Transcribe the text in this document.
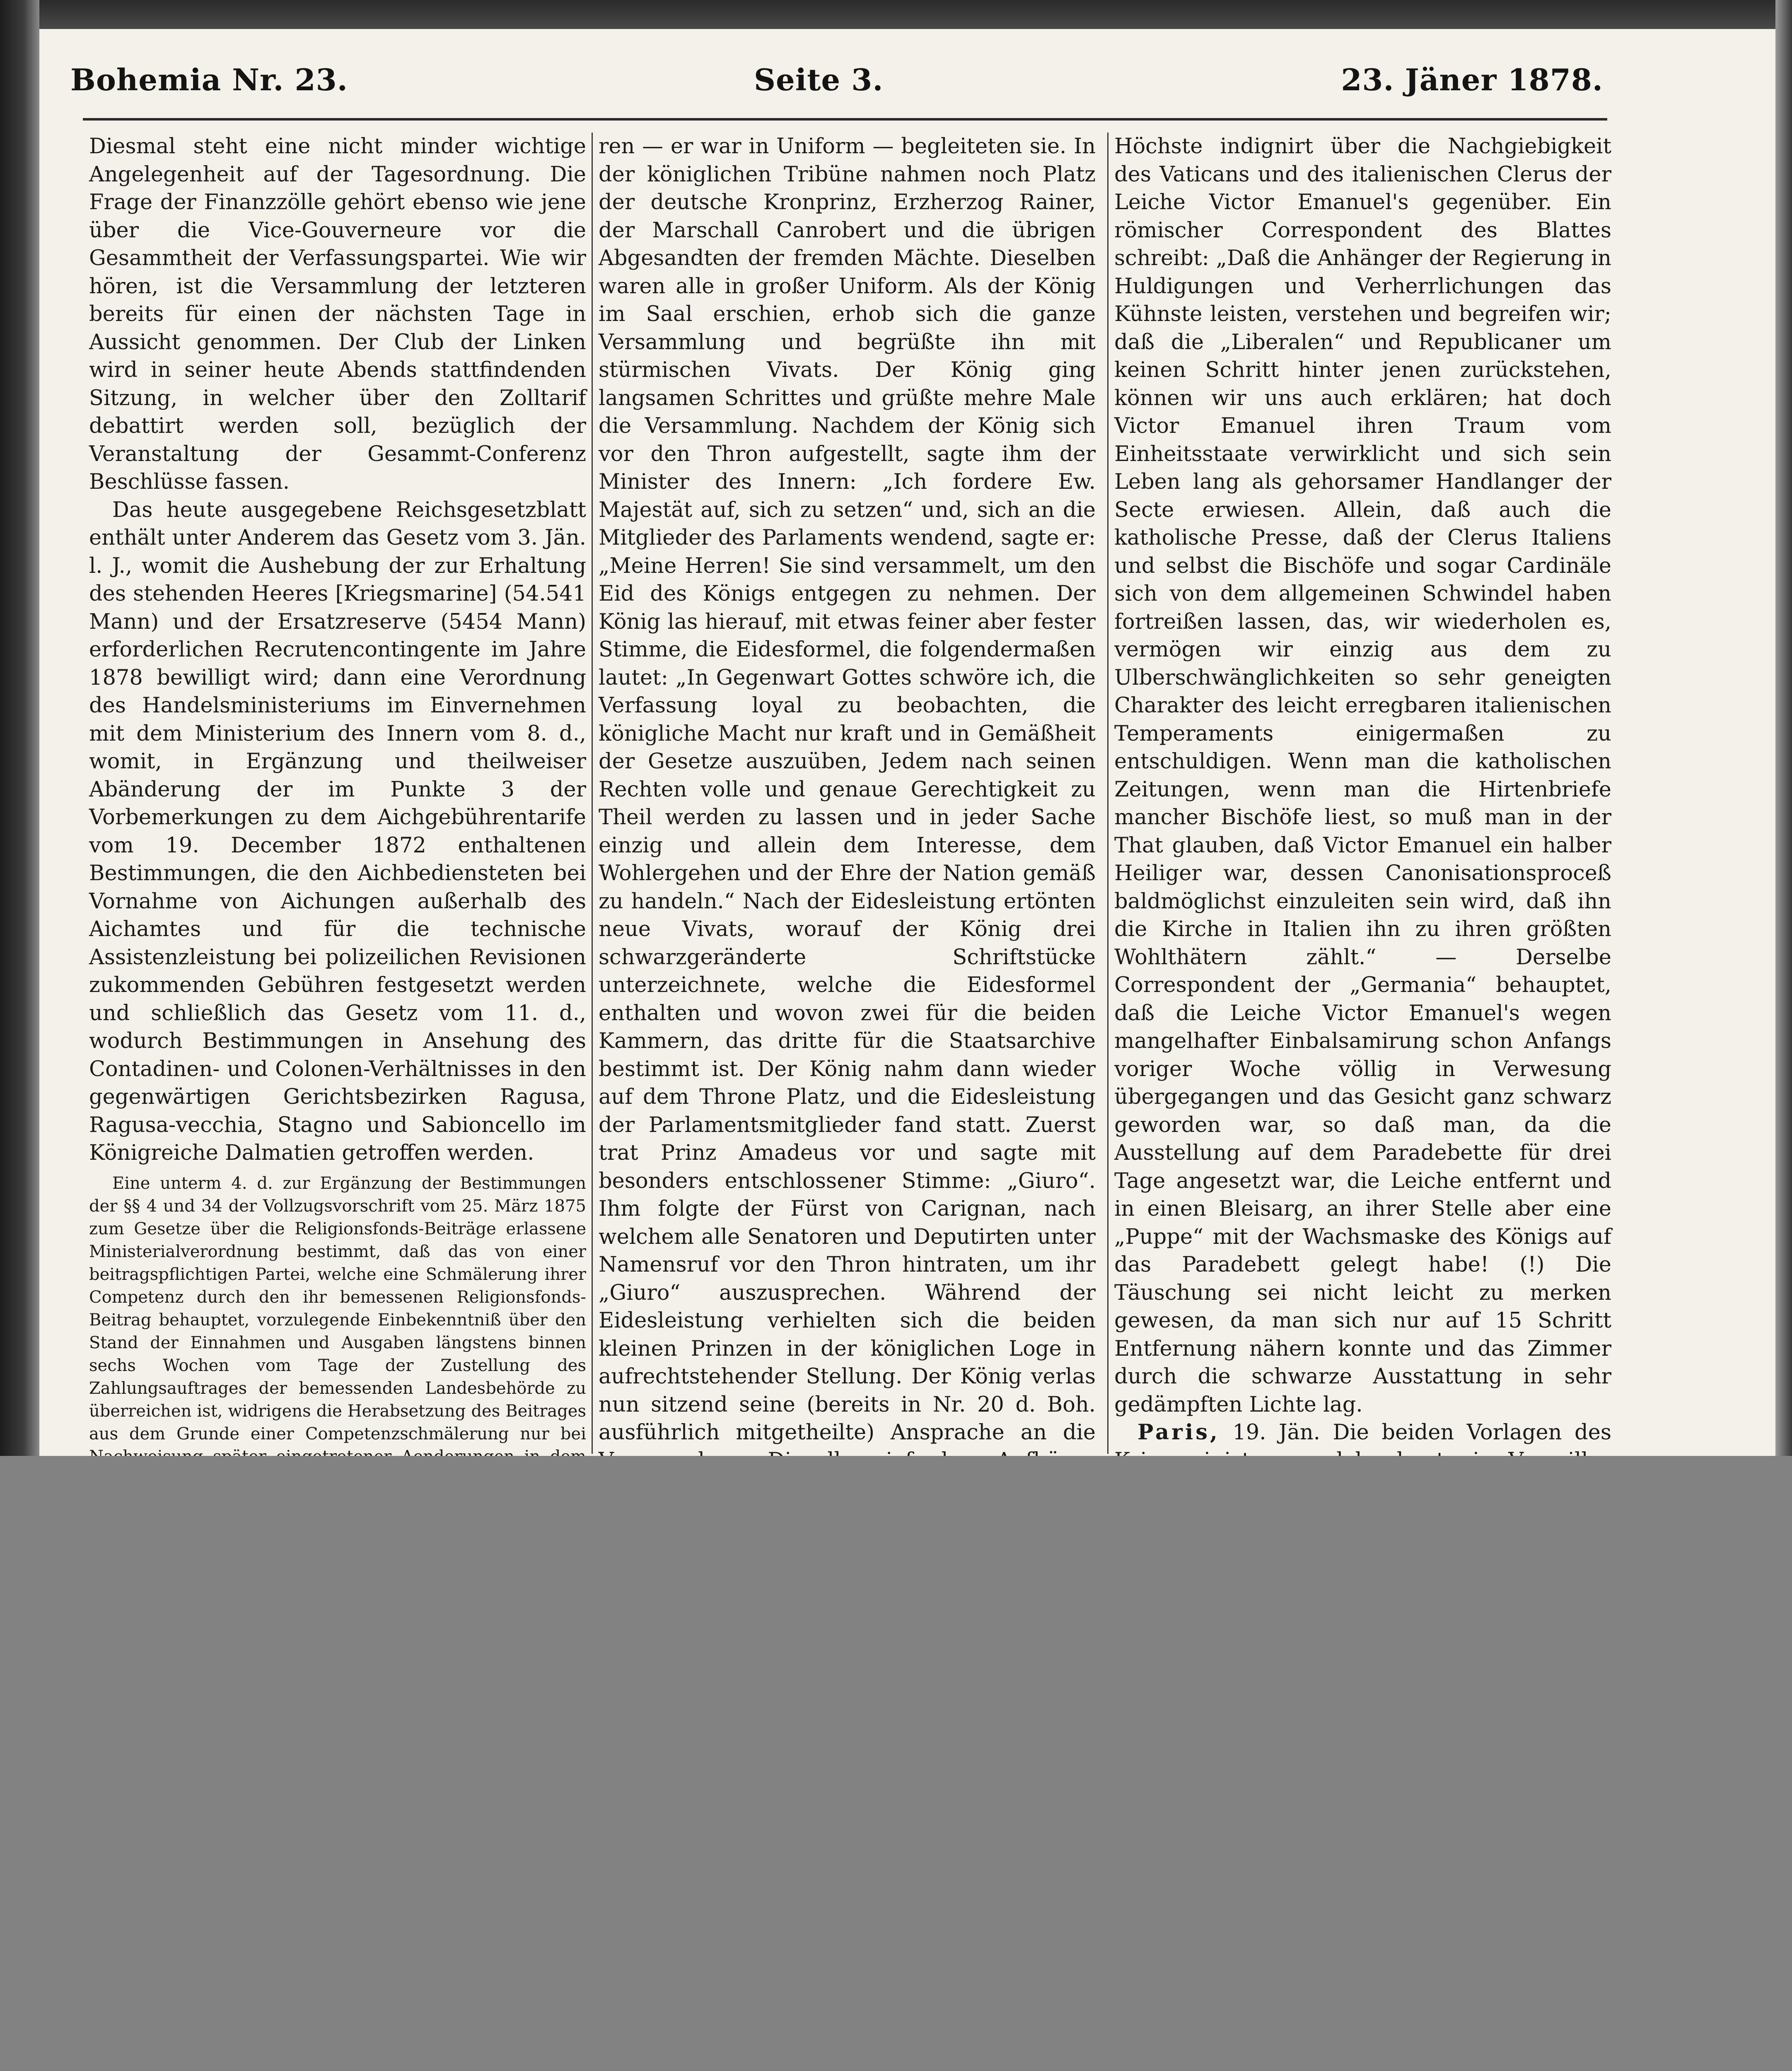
Bohemia Nr. 23.	Seite 3.	23. Jäner 1878.

Diesmal steht eine nicht minder wichtige Angelegenheit auf der Tagesordnung. Die Frage der Finanzzölle gehört ebenso wie jene über die Vice-Gouverneure vor die Gesammtheit der Verfassungspartei. Wie wir hören, ist die Versammlung der letzteren bereits für einen der nächsten Tage in Aussicht genommen. Der Club der Linken wird in seiner heute Abends stattfindenden Sitzung, in welcher über den Zolltarif debattirt werden soll, bezüglich der Veranstaltung der Gesammt-Conferenz Beschlüsse fassen.

Das heute ausgegebene Reichsgesetzblatt enthält unter Anderem das Gesetz vom 3. Jän. l. J., womit die Aushebung der zur Erhaltung des stehenden Heeres [Kriegsmarine] (54.541 Mann) und der Ersatzreserve (5454 Mann) erforderlichen Recrutencontingente im Jahre 1878 bewilligt wird; dann eine Verordnung des Handelsministeriums im Einvernehmen mit dem Ministerium des Innern vom 8. d., womit, in Ergänzung und theilweiser Abänderung der im Punkte 3 der Vorbemerkungen zu dem Aichgebührentarife vom 19. December 1872 enthaltenen Bestimmungen, die den Aichbediensteten bei Vornahme von Aichungen außerhalb des Aichamtes und für die technische Assistenzleistung bei polizeilichen Revisionen zukommenden Gebühren festgesetzt werden und schließlich das Gesetz vom 11. d., wodurch Bestimmungen in Ansehung des Contadinen- und Colonen-Verhältnisses in den gegenwärtigen Gerichtsbezirken Ragusa, Ragusa-vecchia, Stagno und Sabioncello im Königreiche Dalmatien getroffen werden.

Eine unterm 4. d. zur Ergänzung der Bestimmungen der §§ 4 und 34 der Vollzugsvorschrift vom 25. März 1875 zum Gesetze über die Religionsfonds-Beiträge erlassene Ministerialverordnung bestimmt, daß das von einer beitragspflichtigen Partei, welche eine Schmälerung ihrer Competenz durch den ihr bemessenen Religionsfonds-Beitrag behauptet, vorzulegende Einbekenntniß über den Stand der Einnahmen und Ausgaben längstens binnen sechs Wochen vom Tage der Zustellung des Zahlungsauftrages der bemessenden Landesbehörde zu überreichen ist, widrigens die Herabsetzung des Beitrages aus dem Grunde einer Competenzschmälerung nur bei

ren — er war in Uniform — begleiteten sie. In der königlichen Tribüne nahmen noch Platz der deutsche Kronprinz, Erzherzog Rainer, der Marschall Canrobert und die übrigen Abgesandten der fremden Mächte. Dieselben waren alle in großer Uniform. Als der König im Saal erschien, erhob sich die ganze Versammlung und begrüßte ihn mit stürmischen Vivats. Der König ging langsamen Schrittes und grüßte mehre Male die Versammlung. Nachdem der König sich vor den Thron aufgestellt, sagte ihm der Minister des Innern: „Ich fordere Ew. Majestät auf, sich zu setzen“ und, sich an die Mitglieder des Parlaments wendend, sagte er: „Meine Herren! Sie sind versammelt, um den Eid des Königs entgegen zu nehmen. Der König las hierauf, mit etwas feiner aber fester Stimme, die Eidesformel, die folgendermaßen lautet: „In Gegenwart Gottes schwöre ich, die Verfassung loyal zu beobachten, die königliche Macht nur kraft und in Gemäßheit der Gesetze auszuüben, Jedem nach seinen Rechten volle und genaue Gerechtigkeit zu Theil werden zu lassen und in jeder Sache einzig und allein dem Interesse, dem Wohlergehen und der Ehre der Nation gemäß zu handeln.“ Nach der Eidesleistung ertönten neue Vivats, worauf der König drei schwarzgeränderte Schriftstücke unterzeichnete, welche die Eidesformel enthalten und wovon zwei für die beiden Kammern, das dritte für die Staatsarchive bestimmt ist. Der König nahm dann wieder auf dem Throne Platz, und die Eidesleistung der Parlamentsmitglieder fand statt. Zuerst trat Prinz Amadeus vor und sagte mit besonders entschlossener Stimme: „Giuro“. Ihm folgte der Fürst von Carignan, nach welchem alle Senatoren und Deputirten unter Namensruf vor den Thron hintraten, um ihr „Giuro“ auszusprechen. Während der Eidesleistung verhielten sich die beiden kleinen Prinzen in der königlichen Loge in aufrechtstehender Stellung. Der König verlas nun sitzend seine (bereits in Nr. 20 d. Boh. ausführlich mitgetheilte) Ansprache an die

Höchste indignirt über die Nachgiebigkeit des Vaticans und des italienischen Clerus der Leiche Victor Emanuel's gegenüber. Ein römischer Correspondent des Blattes schreibt: „Daß die Anhänger der Regierung in Huldigungen und Verherrlichungen das Kühnste leisten, verstehen und begreifen wir; daß die „Liberalen“ und Republicaner um keinen Schritt hinter jenen zurückstehen, können wir uns auch erklären; hat doch Victor Emanuel ihren Traum vom Einheitsstaate verwirklicht und sich sein Leben lang als gehorsamer Handlanger der Secte erwiesen. Allein, daß auch die katholische Presse, daß der Clerus Italiens und selbst die Bischöfe und sogar Cardinäle sich von dem allgemeinen Schwindel haben fortreißen lassen, das, wir wiederholen es, vermögen wir einzig aus dem zu Ulberschwänglichkeiten so sehr geneigten Charakter des leicht erregbaren italienischen Temperaments einigermaßen zu entschuldigen. Wenn man die katholischen Zeitungen, wenn man die Hirtenbriefe mancher Bischöfe liest, so muß man in der That glauben, daß Victor Emanuel ein halber Heiliger war, dessen Canonisationsproceß baldmöglichst einzuleiten sein wird, daß ihn die Kirche in Italien ihn zu ihren größten Wohlthätern zählt.“ — Derselbe Correspondent der „Germania“ behauptet, daß die Leiche Victor Emanuel's wegen mangelhafter Einbalsamirung schon Anfangs voriger Woche völlig in Verwesung übergegangen und das Gesicht ganz schwarz geworden war, so daß man, da die Ausstellung auf dem Paradebette für drei Tage angesetzt war, die Leiche entfernt und in einen Bleisarg, an ihrer Stelle aber eine „Puppe“ mit der Wachsmaske des Königs auf das Paradebett gelegt habe! (!) Die Täuschung sei nicht leicht zu merken gewesen, da man sich nur auf 15 Schritt Entfernung nähern konnte und das Zimmer durch die schwarze Ausstattung in sehr gedämpften Lichte lag.

Paris, 19. Jän. Die beiden Vorlagen des
